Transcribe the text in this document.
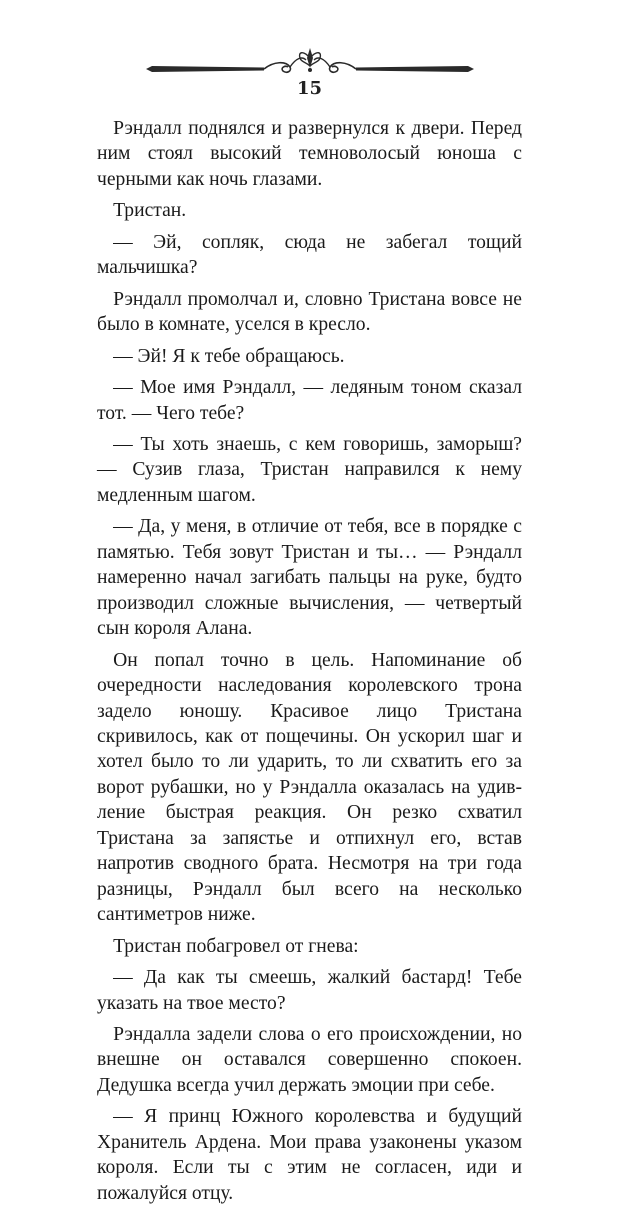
15

Рэндалл поднялся и развернулся к двери. Перед ним стоял высокий темноволосый юноша с черными как ночь глазами.

Тристан.

— Эй, сопляк, сюда не забегал тощий мальчишка?

Рэндалл промолчал и, словно Тристана вовсе не было в комнате, уселся в кресло.

— Эй! Я к тебе обращаюсь.

— Мое имя Рэндалл, — ледяным тоном сказал тот. — Чего тебе?

— Ты хоть знаешь, с кем говоришь, заморыш? — Сузив глаза, Тристан направился к нему медленным шагом.

— Да, у меня, в отличие от тебя, все в порядке с памятью. Тебя зовут Тристан и ты… — Рэндалл намеренно начал загибать пальцы на руке, будто производил сложные вычисления, — четвертый сын короля Алана.

Он попал точно в цель. Напоминание об очередности наследования королевского трона задело юношу. Красивое лицо Тристана скривилось, как от пощечины. Он ускорил шаг и хотел было то ли ударить, то ли схватить его за ворот рубашки, но у Рэндалла оказалась на удивление быстрая реакция. Он резко схватил Тристана за запястье и отпихнул его, встав напротив сводного брата. Несмотря на три года разницы, Рэндалл был всего на несколько сантиметров ниже.

Тристан побагровел от гнева:

— Да как ты смеешь, жалкий бастард! Тебе указать на твое место?

Рэндалла задели слова о его происхождении, но внешне он оставался совершенно спокоен. Дедушка всегда учил держать эмоции при себе.

— Я принц Южного королевства и будущий Хранитель Ардена. Мои права узаконены указом короля. Если ты с этим не согласен, иди и пожалуйся отцу.
